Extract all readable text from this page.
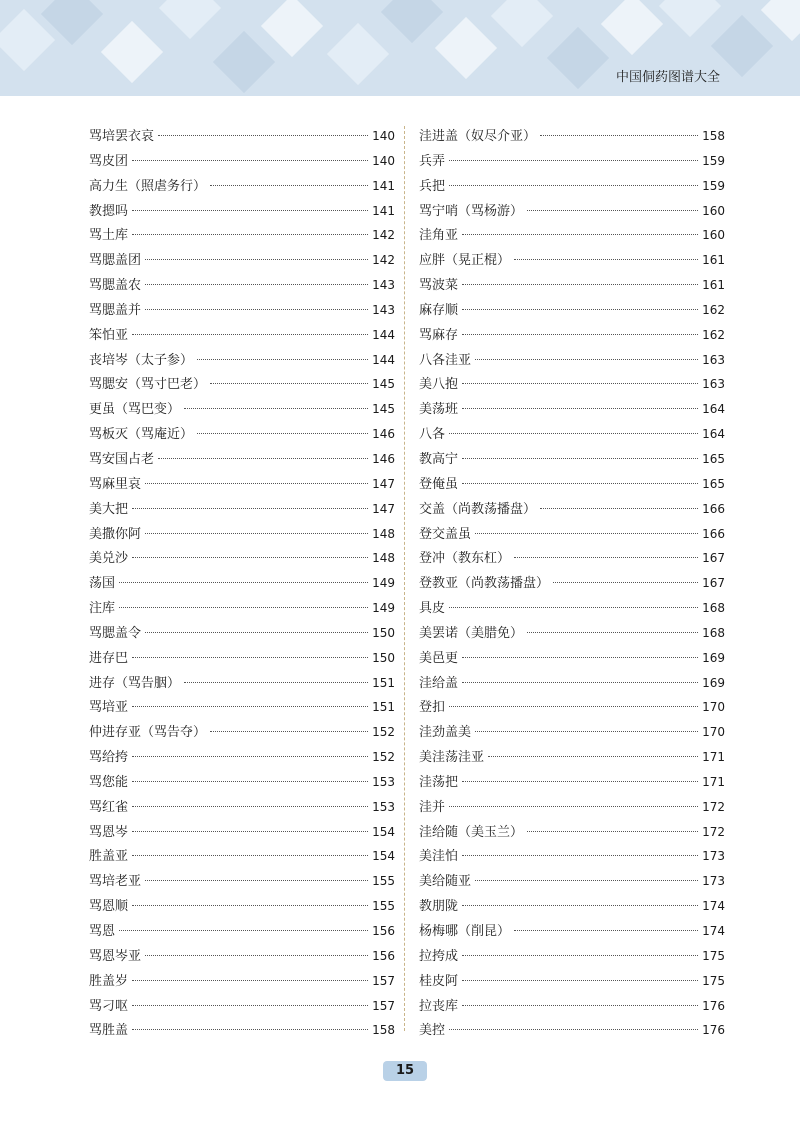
中国侗药图谱大全
骂培罢衣哀	140
骂皮团	140
高力生（照虐务行）	141
教摁吗	141
骂土库	142
骂腮盖团	142
骂腮盖农	143
骂腮盖并	143
笨怕亚	144
丧培岑（太子参）	144
骂腮安（骂寸巴老）	145
更虽（骂巴变）	145
骂板灭（骂庵近）	146
骂安国占老	146
骂麻里哀	147
美大把	147
美撒你阿	148
美兑沙	148
荡国	149
注库	149
骂腮盖令	150
进存巴	150
进存（骂告胭）	151
骂培亚	151
仲进存亚（骂告夺）	152
骂给挎	152
骂您能	153
骂红雀	153
骂恩岑	154
胜盖亚	154
骂培老亚	155
骂恩顺	155
骂恩	156
骂恩岑亚	156
胜盖岁	157
骂刁呕	157
骂胜盖	158
洼进盖（奴尽介亚）	158
兵弄	159
兵把	159
骂宁哨（骂杨游）	160
洼角亚	160
应胖（晃正棍）	161
骂波菜	161
麻存顺	162
骂麻存	162
八各洼亚	163
美八抱	163
美荡班	164
八各	164
教高宁	165
登俺虽	165
交盖（尚教荡播盘）	166
登交盖虽	166
登冲（教东杠）	167
登教亚（尚教荡播盘）	167
具皮	168
美罢诺（美腊免）	168
美邑更	169
洼给盖	169
登扣	170
洼劲盖美	170
美洼荡洼亚	171
洼荡把	171
洼并	172
洼给随（美玉兰）	172
美洼怕	173
美给随亚	173
教朋陇	174
杨梅哪（削昆）	174
拉挎成	175
桂皮阿	175
拉丧库	176
美控	176
15
